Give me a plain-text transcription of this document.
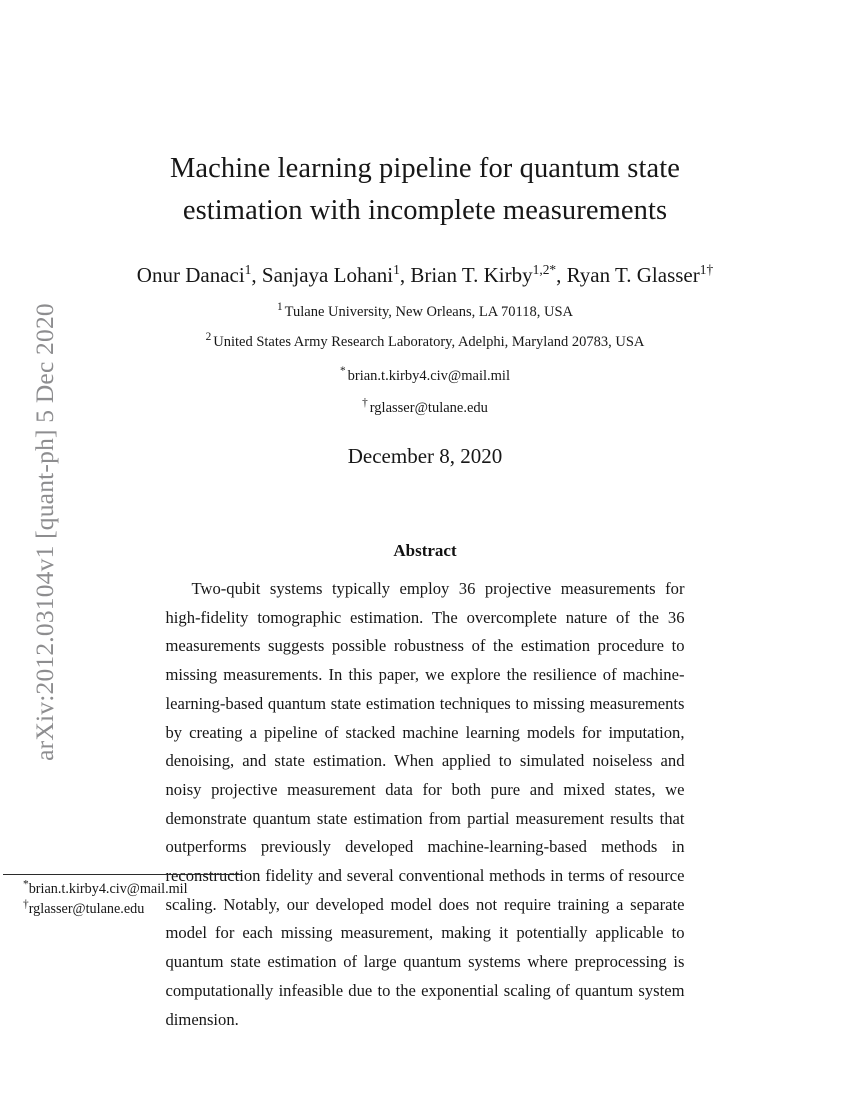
arXiv:2012.03104v1 [quant-ph] 5 Dec 2020
Machine learning pipeline for quantum state
estimation with incomplete measurements

Onur Danaci$^1$, Sanjaya Lohani$^1$, Brian T. Kirby$^{1,2*}$, Ryan T. Glasser$^{1\dagger}$

$^1$ Tulane University, New Orleans, LA 70118, USA

$^2$ United States Army Research Laboratory, Adelphi, Maryland 20783, USA

* brian.t.kirby4.civ@mail.mil

† rglasser@tulane.edu

December 8, 2020

Abstract

Two-qubit systems typically employ 36 projective measurements for high-fidelity tomographic estimation. The overcomplete nature of the 36 measurements suggests possible robustness of the estimation procedure to missing measurements. In this paper, we explore the resilience of machine-learning-based quantum state estimation techniques to missing measurements by creating a pipeline of stacked machine learning models for imputation, denoising, and state estimation. When applied to simulated noiseless and noisy projective measurement data for both pure and mixed states, we demonstrate quantum state estimation from partial measurement results that outperforms previously developed machine-learning-based methods in reconstruction fidelity and several conventional methods in terms of resource scaling. Notably, our developed model does not require training a separate model for each missing measurement, making it potentially applicable to quantum state estimation of large quantum systems where preprocessing is computationally infeasible due to the exponential scaling of quantum system dimension.

*brian.t.kirby4.civ@mail.mil

†rglasser@tulane.edu
